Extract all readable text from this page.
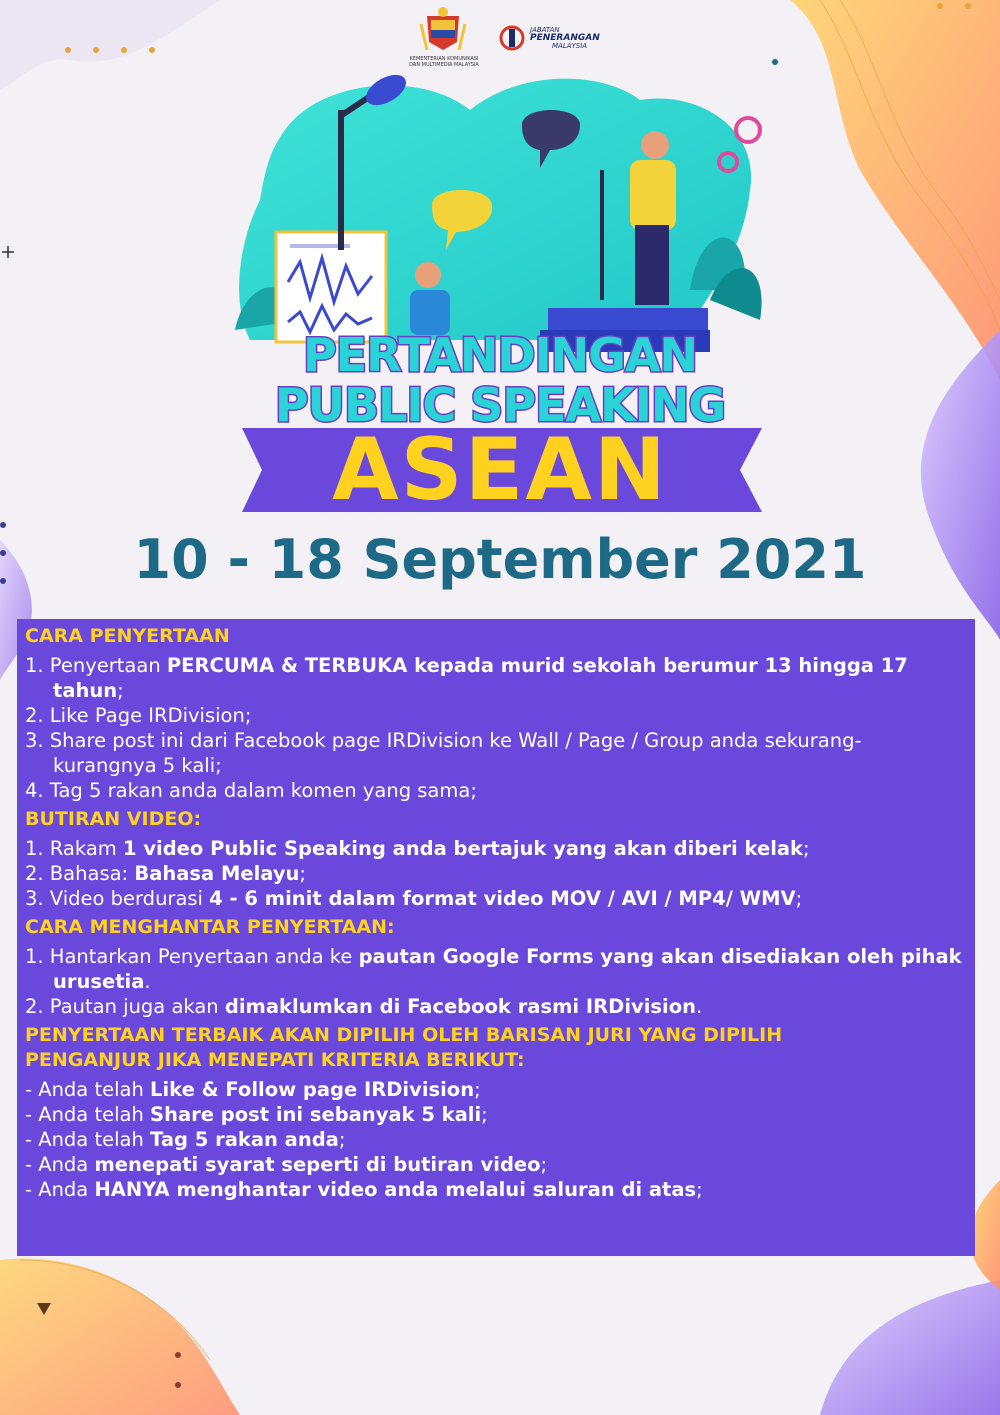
KEMENTERIAN KOMUNIKASI
DAN MULTIMEDIA MALAYSIA
JABATAN
PENERANGAN
MALAYSIA
PERTANDINGAN
PUBLIC SPEAKING
ASEAN
10 - 18 September 2021

CARA PENYERTAAN

1. Penyertaan PERCUMA & TERBUKA kepada murid sekolah berumur 13 hingga 17 tahun;

2. Like Page IRDivision;

3. Share post ini dari Facebook page IRDivision ke Wall / Page / Group anda sekurang-kurangnya 5 kali;

4. Tag 5 rakan anda dalam komen yang sama;

BUTIRAN VIDEO:

1. Rakam 1 video Public Speaking anda bertajuk yang akan diberi kelak;

2. Bahasa: Bahasa Melayu;

3. Video berdurasi 4 - 6 minit dalam format video MOV / AVI / MP4/ WMV;

CARA MENGHANTAR PENYERTAAN:

1. Hantarkan Penyertaan anda ke pautan Google Forms yang akan disediakan oleh pihak urusetia.

2. Pautan juga akan dimaklumkan di Facebook rasmi IRDivision.

PENYERTAAN TERBAIK AKAN DIPILIH OLEH BARISAN JURI YANG DIPILIH

PENGANJUR JIKA MENEPATI KRITERIA BERIKUT:

- Anda telah Like & Follow page IRDivision;

- Anda telah Share post ini sebanyak 5 kali;

- Anda telah Tag 5 rakan anda;

- Anda menepati syarat seperti di butiran video;

- Anda HANYA menghantar video anda melalui saluran di atas;
